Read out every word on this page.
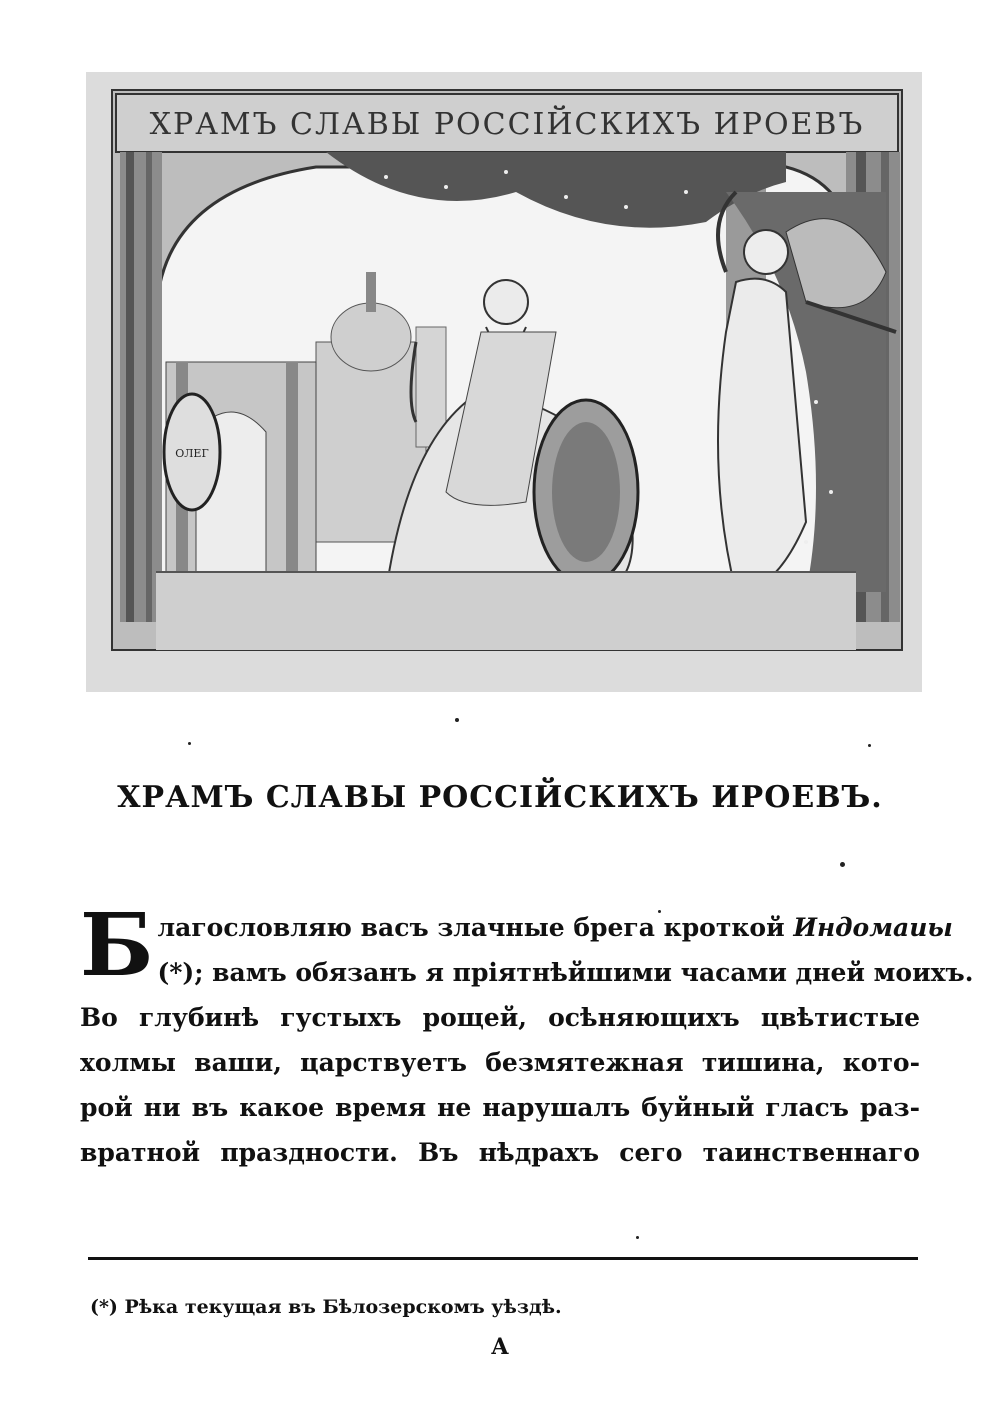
ХРАМЪ СЛАВЫ РОССІЙСКИХЪ ИРОЕВЪ
ОЛЕГ
ХРАМЪ СЛАВЫ РОССІЙСКИХЪ ИРОЕВЪ.
Б лагословляю васъ злачные брега кроткой Индомаиы
(*); вамъ обязанъ я пріятнѣйшими часами дней моихъ.
Во глубинѣ густыхъ рощей, осѣняющихъ цвѣтистые
холмы ваши, царствуетъ безмятежная тишина, кото-
рой ни въ какое время не нарушалъ буйный гласъ раз-
вратной праздности. Въ нѣдрахъ сего таинственнаго
(*) Рѣка текущая въ Бѣлозерскомъ уѣздѣ.
А
